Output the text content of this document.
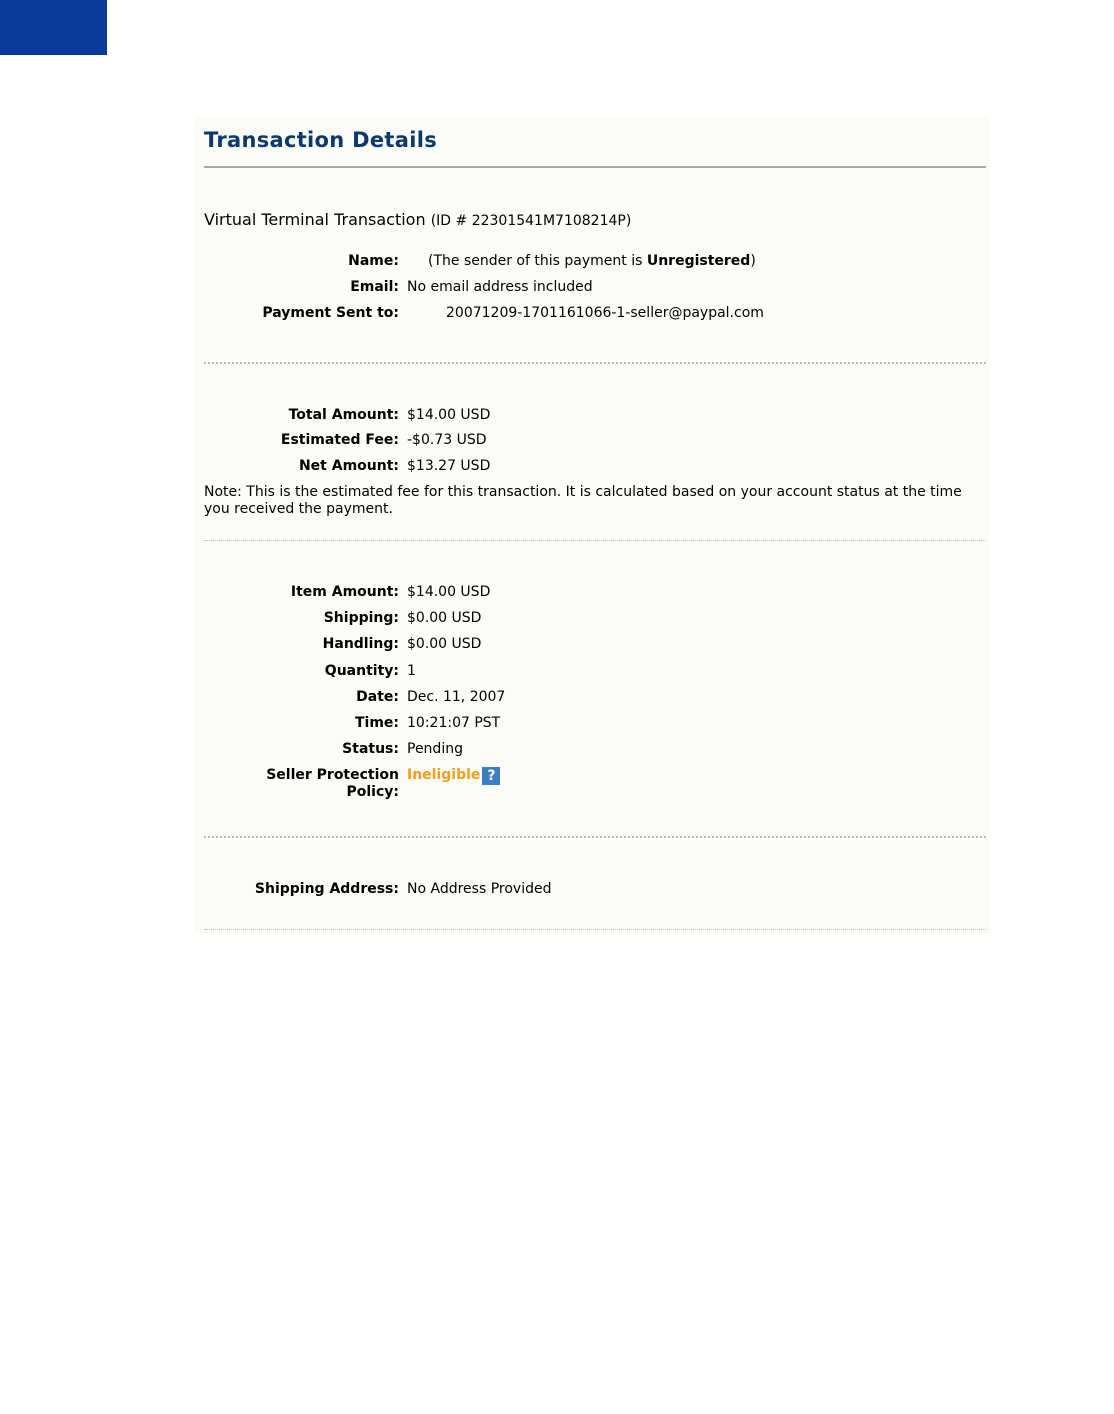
Transaction Details
Virtual Terminal Transaction (ID # 22301541M7108214P)
Name: (The sender of this payment is Unregistered)
Email: No email address included
Payment Sent to:	20071209-1701161066-1-seller@paypal.com
Total Amount: $14.00 USD
Estimated Fee: -$0.73 USD
Net Amount: $13.27 USD
Note: This is the estimated fee for this transaction. It is calculated based on your account status at the time you received the payment.
Item Amount: $14.00 USD
Shipping: $0.00 USD
Handling: $0.00 USD
Quantity: 1
Date: Dec. 11, 2007
Time: 10:21:07 PST
Status: Pending
Seller Protection
Policy:
Ineligible ?
Shipping Address: No Address Provided
